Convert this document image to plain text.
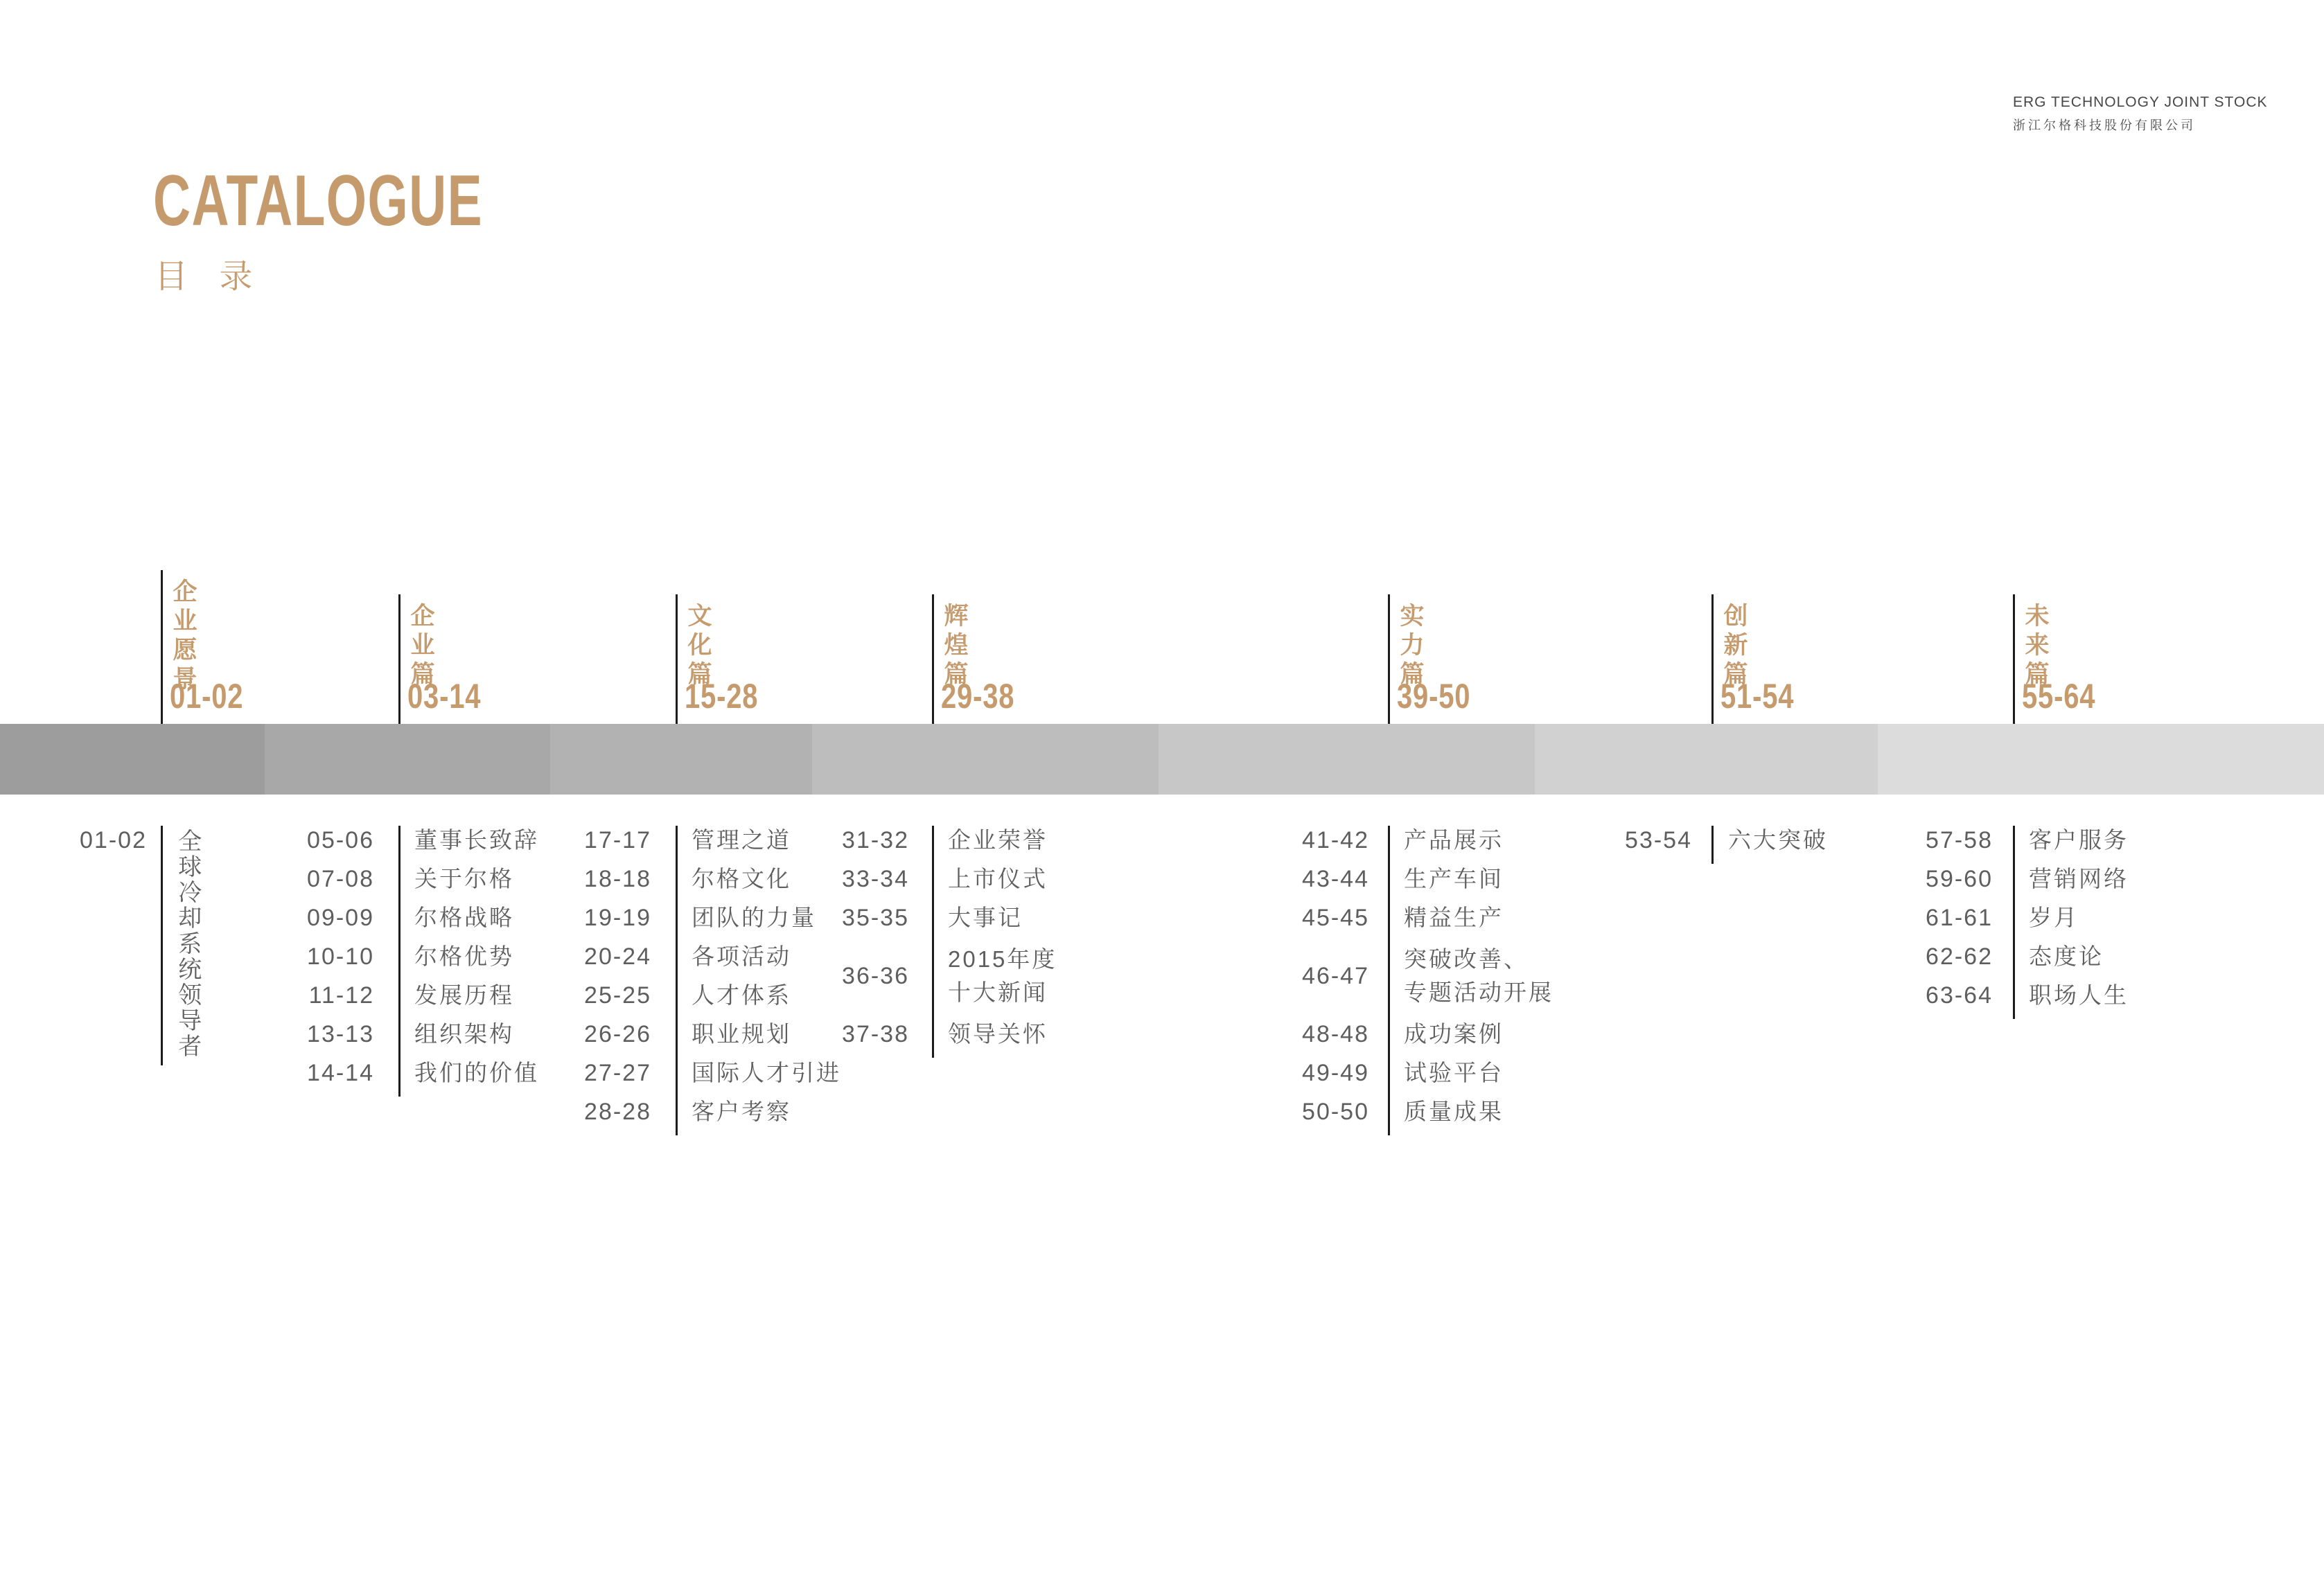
ERG TECHNOLOGY JOINT STOCK
浙江尔格科技股份有限公司
CATALOGUE
目 录
企业愿景
01-02
企业篇
03-14
文化篇
15-28
辉煌篇
29-38
实力篇
39-50
创新篇
51-54
未来篇
55-64
01-02 全球冷却系统领导者	05-06 董事长致辞
07-08 关于尔格
09-09 尔格战略
10-10 尔格优势
11-12 发展历程
13-13 组织架构
14-14 我们的价值
17-17 管理之道
18-18 尔格文化
19-19 团队的力量
20-24 各项活动
25-25 人才体系
26-26 职业规划
27-27 国际人才引进
28-28 客户考察
31-32 企业荣誉
33-34 上市仪式
35-35 大事记
36-36
2015年度
十大新闻
37-38 领导关怀
41-42 产品展示
43-44 生产车间
45-45 精益生产
46-47
突破改善、
专题活动开展
48-48 成功案例
49-49 试验平台
50-50 质量成果
53-54 六大突破	57-58 客户服务
59-60 营销网络
61-61 岁月
62-62 态度论
63-64 职场人生
